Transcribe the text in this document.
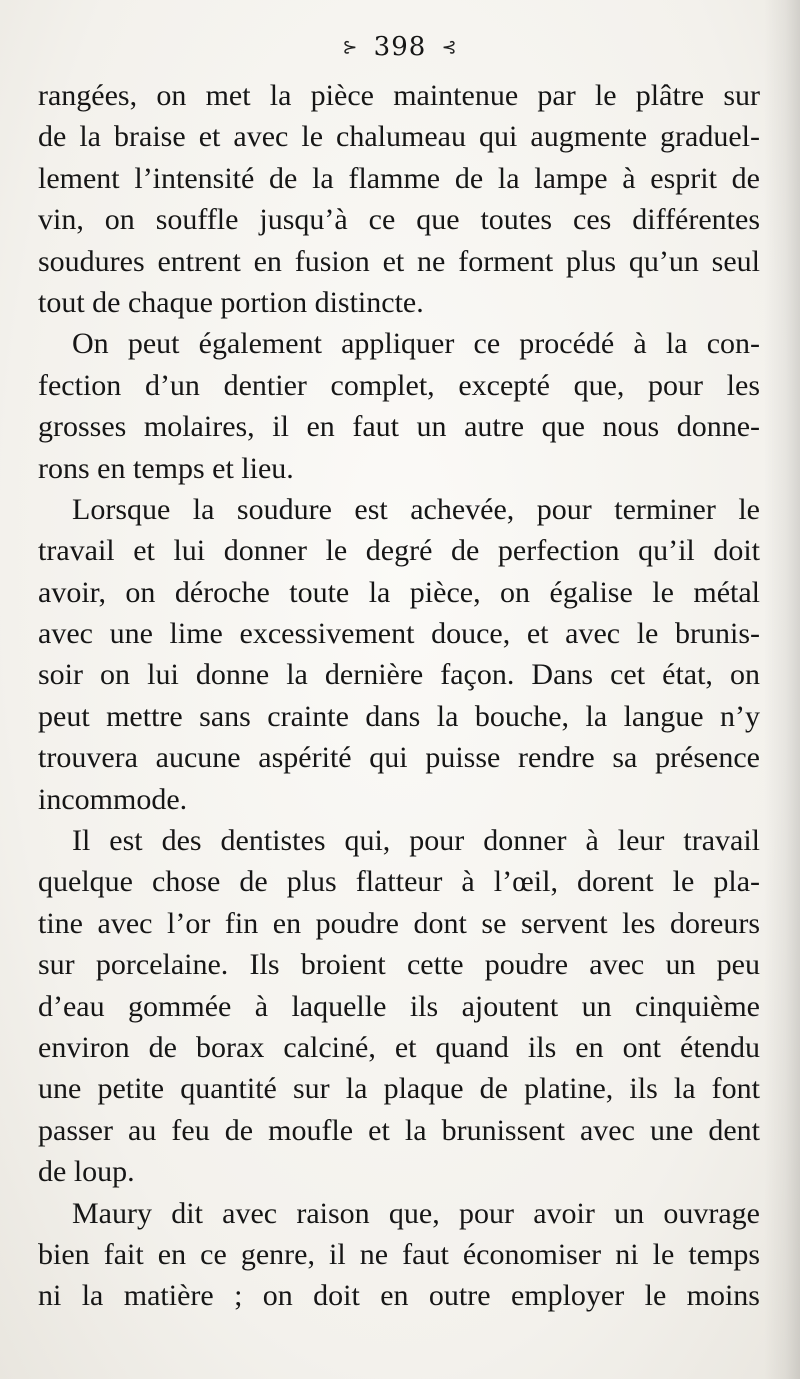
⊱ 398 ⊰
rangées, on met la pièce maintenue par le plâtre sur
de la braise et avec le chalumeau qui augmente graduel-
lement l’intensité de la flamme de la lampe à esprit de
vin, on souffle jusqu’à ce que toutes ces différentes
soudures entrent en fusion et ne forment plus qu’un seul
tout de chaque portion distincte.
On peut également appliquer ce procédé à la con-
fection d’un dentier complet, excepté que, pour les
grosses molaires, il en faut un autre que nous donne-
rons en temps et lieu.
Lorsque la soudure est achevée, pour terminer le
travail et lui donner le degré de perfection qu’il doit
avoir, on déroche toute la pièce, on égalise le métal
avec une lime excessivement douce, et avec le brunis-
soir on lui donne la dernière façon. Dans cet état, on
peut mettre sans crainte dans la bouche, la langue n’y
trouvera aucune aspérité qui puisse rendre sa présence
incommode.
Il est des dentistes qui, pour donner à leur travail
quelque chose de plus flatteur à l’œil, dorent le pla-
tine avec l’or fin en poudre dont se servent les doreurs
sur porcelaine. Ils broient cette poudre avec un peu
d’eau gommée à laquelle ils ajoutent un cinquième
environ de borax calciné, et quand ils en ont étendu
une petite quantité sur la plaque de platine, ils la font
passer au feu de moufle et la brunissent avec une dent
de loup.
Maury dit avec raison que, pour avoir un ouvrage
bien fait en ce genre, il ne faut économiser ni le temps
ni la matière ; on doit en outre employer le moins
